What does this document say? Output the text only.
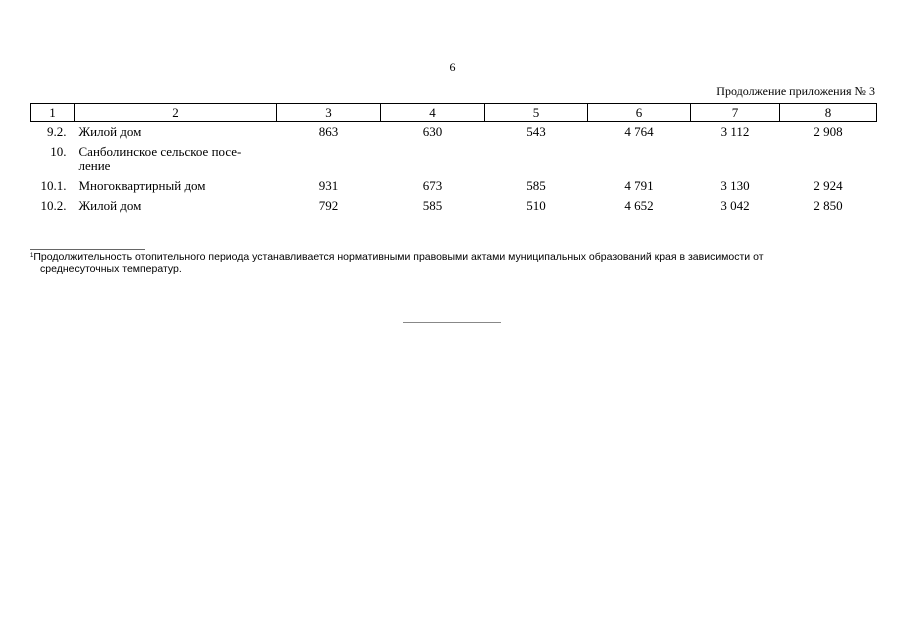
6
Продолжение приложения № 3
1	2	3	4	5	6	7	8
9.2.	Жилой дом	863	630	543	4 764	3 112	2 908
10.	Санболинское сельское посе-
ление						

10.1.	Многоквартирный дом	931	673	585	4 791	3 130	2 924
10.2.	Жилой дом	792	585	510	4 652	3 042	2 850
$^1$Продолжительность отопительного периода устанавливается нормативными правовыми актами муниципальных образований края в зависимости от
среднесуточных температур.
